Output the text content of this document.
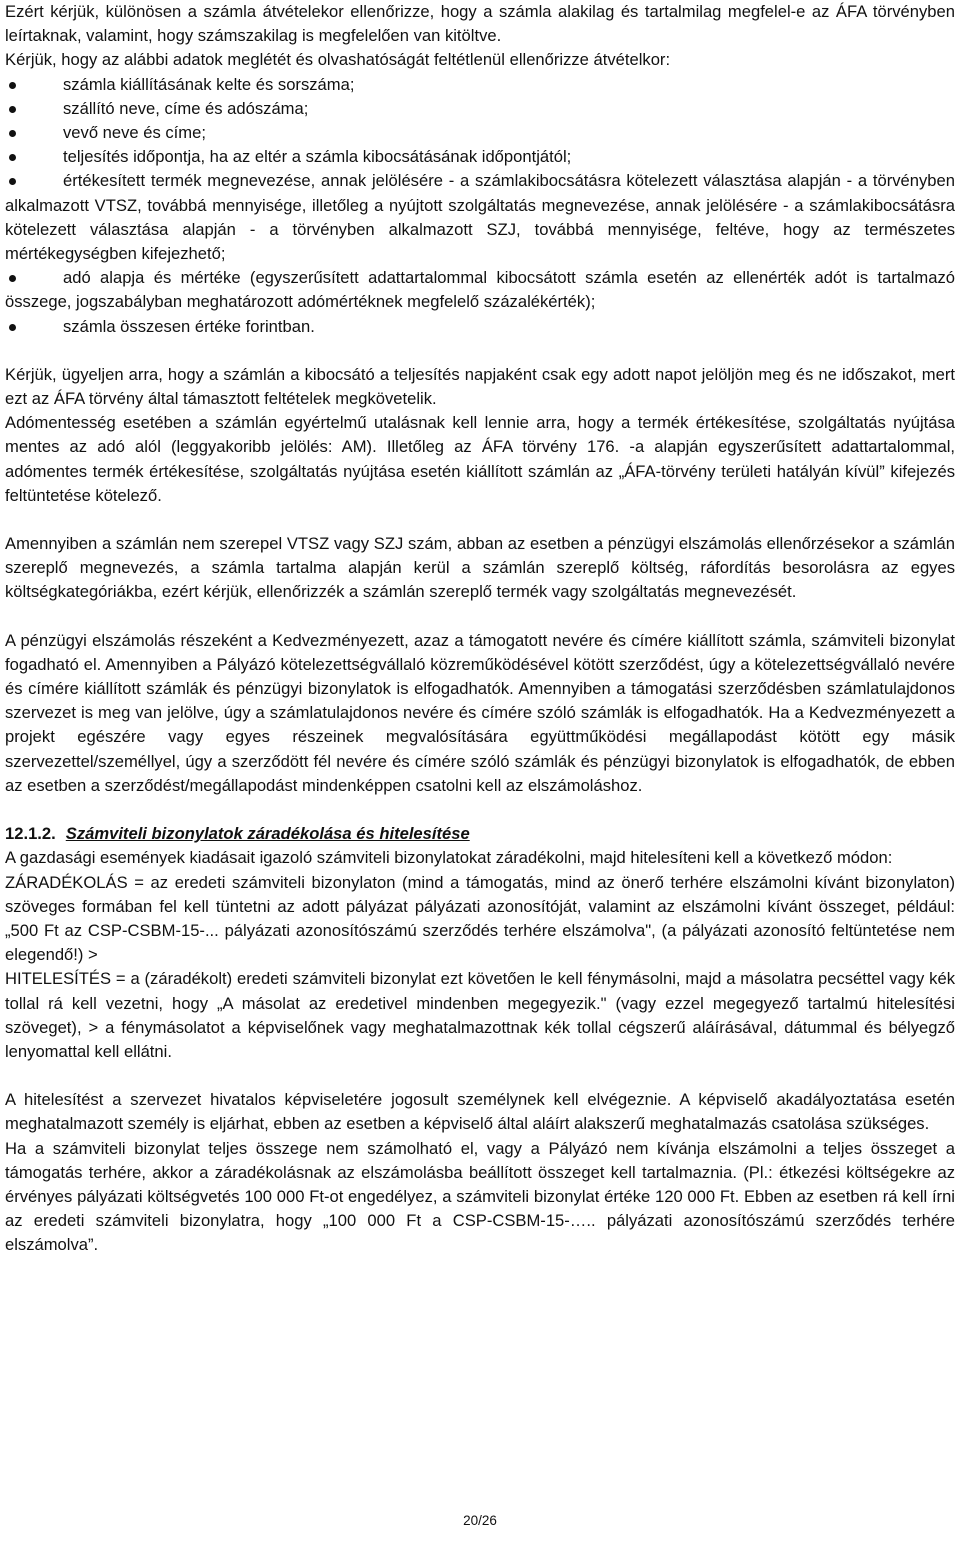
Ezért kérjük, különösen a számla átvételekor ellenőrizze, hogy a számla alakilag és tartalmilag megfelel-e az ÁFA törvényben leírtaknak, valamint, hogy számszakilag is megfelelően van kitöltve.

Kérjük, hogy az alábbi adatok meglétét és olvashatóságát feltétlenül ellenőrizze átvételkor:

számla kiállításának kelte és sorszáma;
szállító neve, címe és adószáma;
vevő neve és címe;
teljesítés időpontja, ha az eltér a számla kibocsátásának időpontjától;
értékesített termék megnevezése, annak jelölésére - a számlakibocsátásra kötelezett választása alapján - a törvényben alkalmazott VTSZ, továbbá mennyisége, illetőleg a nyújtott szolgáltatás megnevezése, annak jelölésére - a számlakibocsátásra kötelezett választása alapján - a törvényben alkalmazott SZJ, továbbá mennyisége, feltéve, hogy az természetes mértékegységben kifejezhető;
adó alapja és mértéke (egyszerűsített adattartalommal kibocsátott számla esetén az ellenérték adót is tartalmazó összege, jogszabályban meghatározott adómértéknek megfelelő százalékérték);
számla összesen értéke forintban.

Kérjük, ügyeljen arra, hogy a számlán a kibocsátó a teljesítés napjaként csak egy adott napot jelöljön meg és ne időszakot, mert ezt az ÁFA törvény által támasztott feltételek megkövetelik.

Adómentesség esetében a számlán egyértelmű utalásnak kell lennie arra, hogy a termék értékesítése, szolgáltatás nyújtása mentes az adó alól (leggyakoribb jelölés: AM). Illetőleg az ÁFA törvény 176. -a alapján egyszerűsített adattartalommal, adómentes termék értékesítése, szolgáltatás nyújtása esetén kiállított számlán az „ÁFA-törvény területi hatályán kívül” kifejezés feltüntetése kötelező.

Amennyiben a számlán nem szerepel VTSZ vagy SZJ szám, abban az esetben a pénzügyi elszámolás ellenőrzésekor a számlán szereplő megnevezés, a számla tartalma alapján kerül a számlán szereplő költség, ráfordítás besorolásra az egyes költségkategóriákba, ezért kérjük, ellenőrizzék a számlán szereplő termék vagy szolgáltatás megnevezését.

A pénzügyi elszámolás részeként a Kedvezményezett, azaz a támogatott nevére és címére kiállított számla, számviteli bizonylat fogadható el. Amennyiben a Pályázó kötelezettségvállaló közreműködésével kötött szerződést, úgy a kötelezettségvállaló nevére és címére kiállított számlák és pénzügyi bizonylatok is elfogadhatók. Amennyiben a támogatási szerződésben számlatulajdonos szervezet is meg van jelölve, úgy a számlatulajdonos nevére és címére szóló számlák is elfogadhatók. Ha a Kedvezményezett a projekt egészére vagy egyes részeinek megvalósítására együttműködési megállapodást kötött egy másik szervezettel/személlyel, úgy a szerződött fél nevére és címére szóló számlák és pénzügyi bizonylatok is elfogadhatók, de ebben az esetben a szerződést/megállapodást mindenképpen csatolni kell az elszámoláshoz.

12.1.2. Számviteli bizonylatok záradékolása és hitelesítése

A gazdasági események kiadásait igazoló számviteli bizonylatokat záradékolni, majd hitelesíteni kell a következő módon:

ZÁRADÉKOLÁS = az eredeti számviteli bizonylaton (mind a támogatás, mind az önerő terhére elszámolni kívánt bizonylaton) szöveges formában fel kell tüntetni az adott pályázat pályázati azonosítóját, valamint az elszámolni kívánt összeget, például: „500 Ft az CSP-CSBM-15-... pályázati azonosítószámú szerződés terhére elszámolva", (a pályázati azonosító feltüntetése nem elegendő!) >

HITELESÍTÉS = a (záradékolt) eredeti számviteli bizonylat ezt követően le kell fénymásolni, majd a másolatra pecséttel vagy kék tollal rá kell vezetni, hogy „A másolat az eredetivel mindenben megegyezik." (vagy ezzel megegyező tartalmú hitelesítési szöveget), > a fénymásolatot a képviselőnek vagy meghatalmazottnak kék tollal cégszerű aláírásával, dátummal és bélyegző lenyomattal kell ellátni.

A hitelesítést a szervezet hivatalos képviseletére jogosult személynek kell elvégeznie. A képviselő akadályoztatása esetén meghatalmazott személy is eljárhat, ebben az esetben a képviselő által aláírt alakszerű meghatalmazás csatolása szükséges.

Ha a számviteli bizonylat teljes összege nem számolható el, vagy a Pályázó nem kívánja elszámolni a teljes összeget a támogatás terhére, akkor a záradékolásnak az elszámolásba beállított összeget kell tartalmaznia. (Pl.: étkezési költségekre az érvényes pályázati költségvetés 100 000 Ft-ot engedélyez, a számviteli bizonylat értéke 120 000 Ft. Ebben az esetben rá kell írni az eredeti számviteli bizonylatra, hogy „100 000 Ft a CSP-CSBM-15-….. pályázati azonosítószámú szerződés terhére elszámolva”.

20/26
